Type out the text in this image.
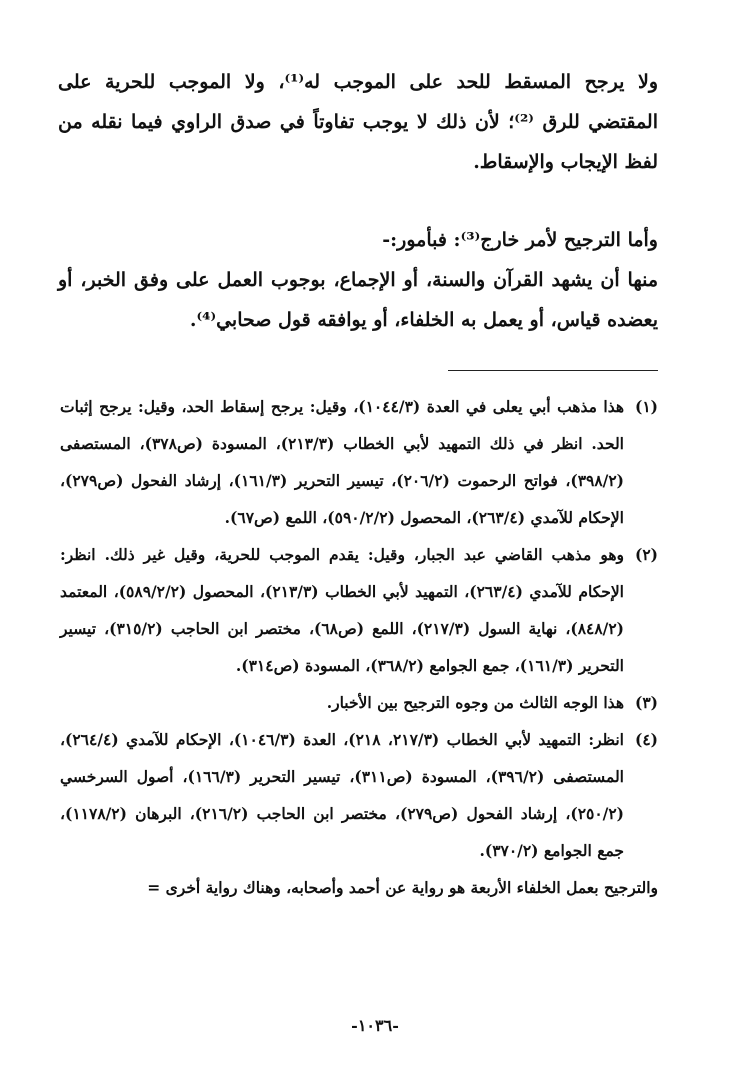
ولا يرجح المسقط للحد على الموجب له⁽¹⁾، ولا الموجب للحرية على المقتضي للرق ⁽²⁾؛ لأن ذلك لا يوجب تفاوتاً في صدق الراوي فيما نقله من لفظ الإيجاب والإسقاط.

وأما الترجيح لأمر خارج⁽³⁾: فبأمور:-

منها أن يشهد القرآن والسنة، أو الإجماع، بوجوب العمل على وفق الخبر، أو يعضده قياس، أو يعمل به الخلفاء، أو يوافقه قول صحابي⁽⁴⁾.

(١)
هذا مذهب أبي يعلى في العدة (١٠٤٤/٣)، وقيل: يرجح إسقاط الحد، وقيل: يرجح إثبات الحد. انظر في ذلك التمهيد لأبي الخطاب (٢١٣/٣)، المسودة (ص٣٧٨)، المستصفى (٣٩٨/٢)، فواتح الرحموت (٢٠٦/٢)، تيسير التحرير (١٦١/٣)، إرشاد الفحول (ص٢٧٩)، الإحكام للآمدي (٢٦٣/٤)، المحصول (٥٩٠/٢/٢)، اللمع (ص٦٧).
(٢)
وهو مذهب القاضي عبد الجبار، وقيل: يقدم الموجب للحرية، وقيل غير ذلك. انظر: الإحكام للآمدي (٢٦٣/٤)، التمهيد لأبي الخطاب (٢١٣/٣)، المحصول (٥٨٩/٢/٢)، المعتمد (٨٤٨/٢)، نهاية السول (٢١٧/٣)، اللمع (ص٦٨)، مختصر ابن الحاجب (٣١٥/٢)، تيسير التحرير (١٦١/٣)، جمع الجوامع (٣٦٨/٢)، المسودة (ص٣١٤).
(٣)
هذا الوجه الثالث من وجوه الترجيح بين الأخبار.
(٤)
انظر: التمهيد لأبي الخطاب (٢١٧/٣، ٢١٨)، العدة (١٠٤٦/٣)، الإحكام للآمدي (٢٦٤/٤)، المستصفى (٣٩٦/٢)، المسودة (ص٣١١)، تيسير التحرير (١٦٦/٣)، أصول السرخسي (٢٥٠/٢)، إرشاد الفحول (ص٢٧٩)، مختصر ابن الحاجب (٢١٦/٢)، البرهان (١١٧٨/٢)، جمع الجوامع (٣٧٠/٢).
والترجيح بعمل الخلفاء الأربعة هو رواية عن أحمد وأصحابه، وهناك رواية أخرى =
-١٠٣٦-
